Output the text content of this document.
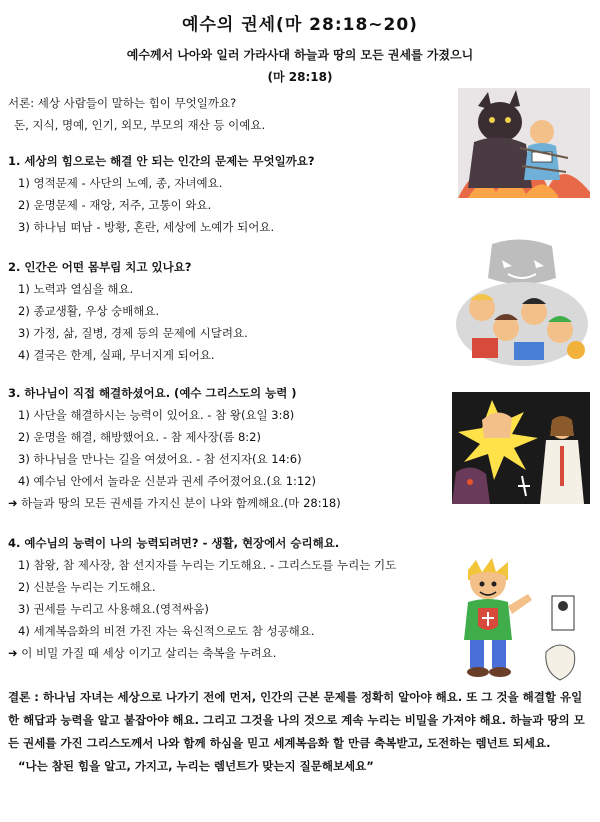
예수의 권세(마 28:18~20)
예수께서 나아와 일러 가라사대 하늘과 땅의 모든 권세를 가졌으니
(마 28:18)
서론: 세상 사람들이 말하는 힘이 무엇일까요?
돈, 지식, 명예, 인기, 외모, 부모의 재산 등 이예요.
1. 세상의 힘으로는 해결 안 되는 인간의 문제는 무엇일까요?
1) 영적문제 - 사단의 노예, 종, 자녀예요.
2) 운명문제 - 재앙, 저주, 고통이 와요.
3) 하나님 떠남 - 방황, 혼란, 세상에 노예가 되어요.
2. 인간은 어떤 몸부림 치고 있나요?
1) 노력과 열심을 해요.
2) 종교생활, 우상 숭배해요.
3) 가정, 삶, 질병, 경제 등의 문제에 시달려요.
4) 결국은 한계, 실패, 무너지게 되어요.
3. 하나님이 직접 해결하셨어요. (예수 그리스도의 능력 )
1) 사단을 해결하시는 능력이 있어요. - 참 왕(요일 3:8)
2) 운명을 해결, 해방했어요. - 참 제사장(롬 8:2)
3) 하나님을 만나는 길을 여셨어요. - 참 선지자(요 14:6)
4) 예수님 안에서 놀라운 신분과 권세 주어졌어요.(요 1:12)
➜ 하늘과 땅의 모든 권세를 가지신 분이 나와 함께해요.(마 28:18)
4. 예수님의 능력이 나의 능력되려면? - 생활, 현장에서 승리해요.
1) 참왕, 참 제사장, 참 선지자를 누리는 기도해요. - 그리스도를 누리는 기도
2) 신분을 누리는 기도해요.
3) 권세를 누리고 사용해요.(영적싸움)
4) 세계복음화의 비젼 가진 자는 육신적으로도 참 성공해요.
➜ 이 비밀 가질 때 세상 이기고 살리는 축복을 누려요.
결론 : 하나님 자녀는 세상으로 나가기 전에 먼저, 인간의 근본 문제를 정확히 알아야 해요. 또 그 것을 해결할 유일한 해답과 능력을 알고 붙잡아야 해요. 그리고 그것을 나의 것으로 계속 누리는 비밀을 가져야 해요. 하늘과 땅의 모든 권세를 가진 그리스도께서 나와 함께 하심을 믿고 세계복음화 할 만큼 축복받고, 도전하는 렘넌트 되세요.
“나는 참된 힘을 알고, 가지고, 누리는 렘넌트가 맞는지 질문해보세요”
